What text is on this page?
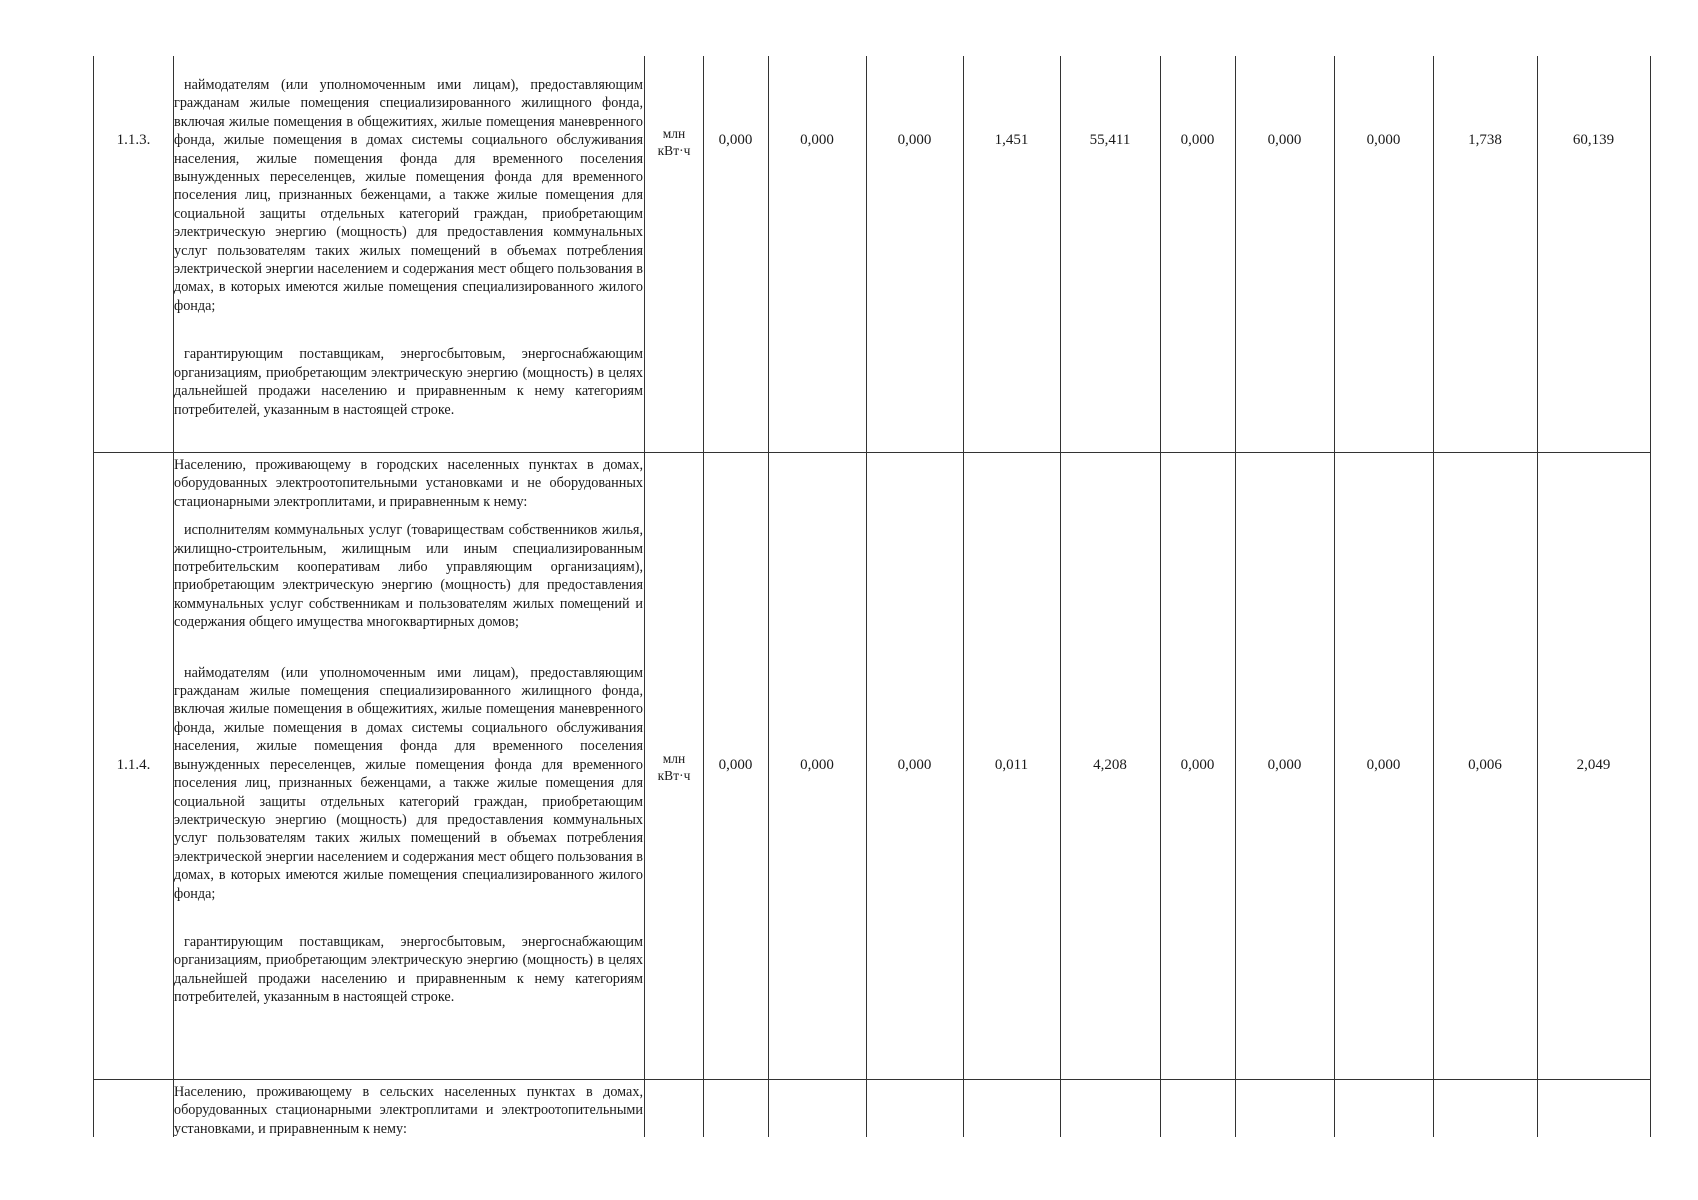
1.1.3.

наймодателям (или уполномоченным ими лицам), предоставляющим гражданам жилые помещения специализированного жилищного фонда, включая жилые помещения в общежитиях, жилые помещения маневренного фонда, жилые помещения в домах системы социального обслуживания населения, жилые помещения фонда для временного поселения вынужденных переселенцев, жилые помещения фонда для временного поселения лиц, признанных беженцами, а также жилые помещения для социальной защиты отдельных категорий граждан, приобретающим электрическую энергию (мощность) для предоставления коммунальных услуг пользователям таких жилых помещений в объемах потребления электрической энергии населением и содержания мест общего пользования в домах, в которых имеются жилые помещения специализированного жилого фонда;

гарантирующим поставщикам, энергосбытовым, энергоснабжающим организациям, приобретающим электрическую энергию (мощность) в целях дальнейшей продажи населению и приравненным к нему категориям потребителей, указанным в настоящей строке.

млн кВт·ч
0,000	0,000	0,000	1,451	55,411	0,000	0,000	0,000	1,738	60,139
1.1.4.

Населению, проживающему в городских населенных пунктах в домах, оборудованных электроотопительными установками и не оборудованных стационарными электроплитами, и приравненным к нему:

исполнителям коммунальных услуг (товариществам собственников жилья, жилищно-строительным, жилищным или иным специализированным потребительским кооперативам либо управляющим организациям), приобретающим электрическую энергию (мощность) для предоставления коммунальных услуг собственникам и пользователям жилых помещений и содержания общего имущества многоквартирных домов;

наймодателям (или уполномоченным ими лицам), предоставляющим гражданам жилые помещения специализированного жилищного фонда, включая жилые помещения в общежитиях, жилые помещения маневренного фонда, жилые помещения в домах системы социального обслуживания населения, жилые помещения фонда для временного поселения вынужденных переселенцев, жилые помещения фонда для временного поселения лиц, признанных беженцами, а также жилые помещения для социальной защиты отдельных категорий граждан, приобретающим электрическую энергию (мощность) для предоставления коммунальных услуг пользователям таких жилых помещений в объемах потребления электрической энергии населением и содержания мест общего пользования в домах, в которых имеются жилые помещения специализированного жилого фонда;

гарантирующим поставщикам, энергосбытовым, энергоснабжающим организациям, приобретающим электрическую энергию (мощность) в целях дальнейшей продажи населению и приравненным к нему категориям потребителей, указанным в настоящей строке.

млн кВт·ч
0,000	0,000	0,000	0,011	4,208	0,000	0,000	0,000	0,006	2,049

Населению, проживающему в сельских населенных пунктах в домах, оборудованных стационарными электроплитами и электроотопительными установками, и приравненным к нему:
